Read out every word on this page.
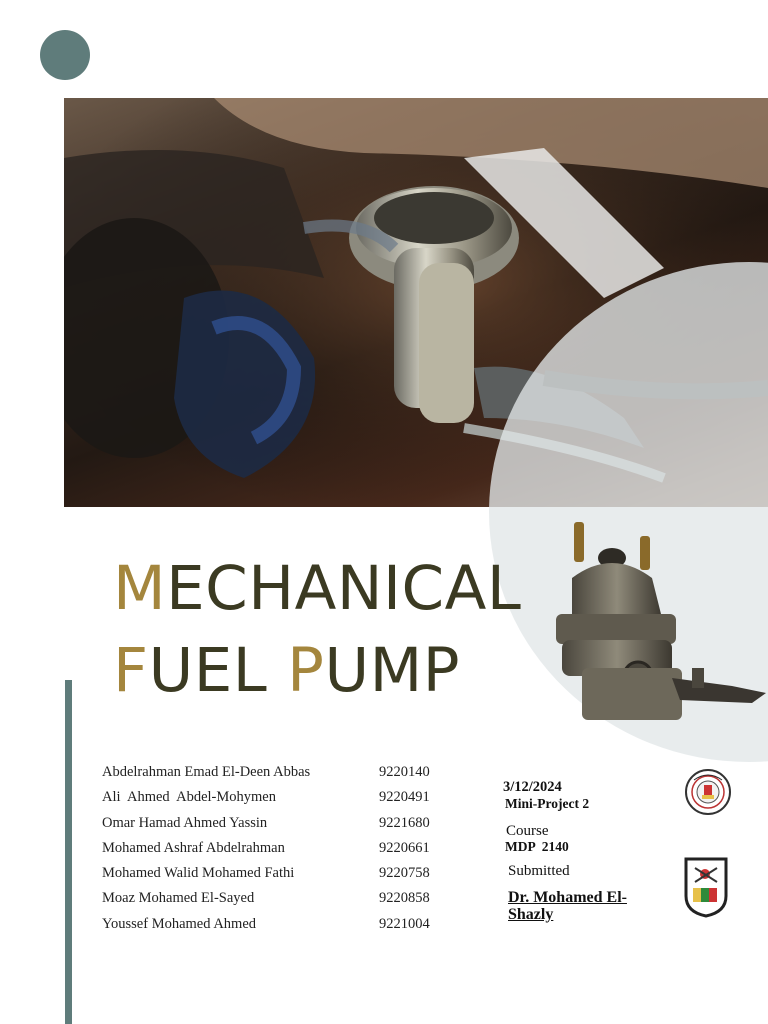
MECHANICAL
FUEL PUMP
Abdelrahman Emad El-Deen Abbas	9220140
Ali  Ahmed  Abdel-Mohymen	9220491
Omar Hamad Ahmed Yassin	9221680
Mohamed Ashraf Abdelrahman	9220661
Mohamed Walid Mohamed Fathi	9220758
Moaz Mohamed El-Sayed	9220858
Youssef Mohamed Ahmed	9221004
3/12/2024
Mini-Project 2
Course
MDP  2140
Submitted
Dr. Mohamed El-Shazly
